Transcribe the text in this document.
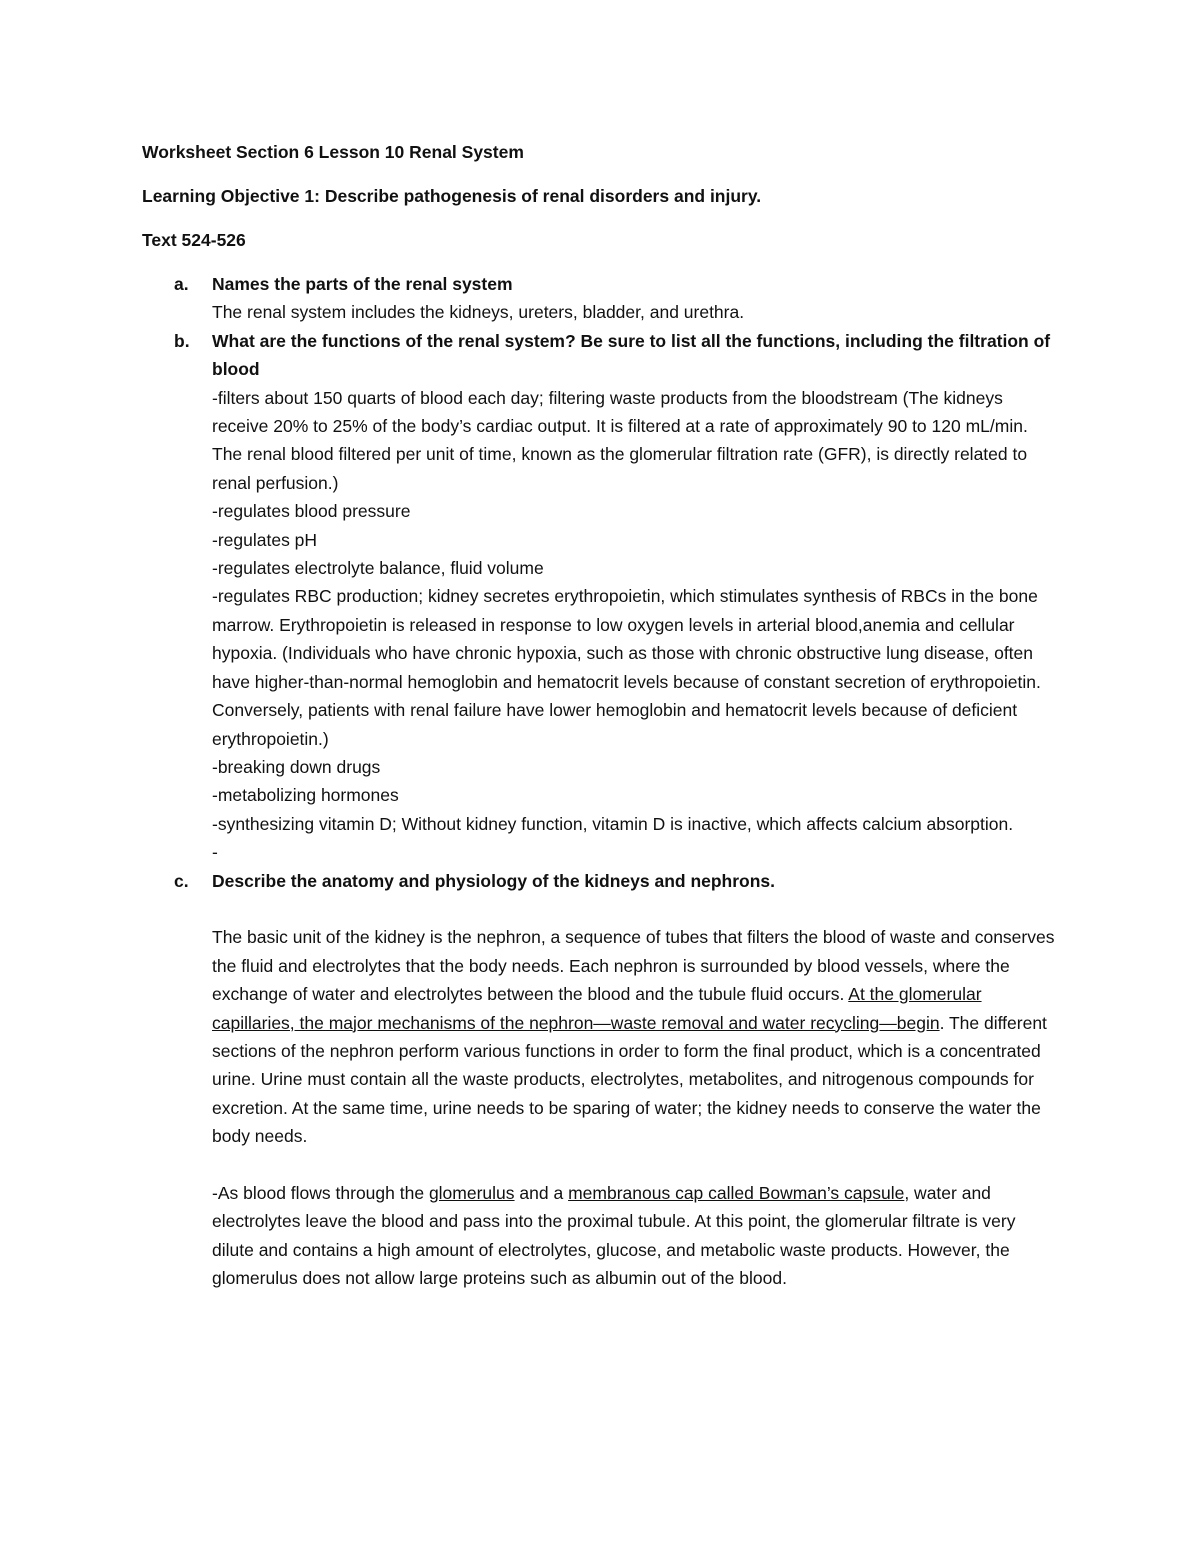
Worksheet Section 6 Lesson 10 Renal System
Learning Objective 1: Describe pathogenesis of renal disorders and injury.
Text 524-526
a. Names the parts of the renal system
The renal system includes the kidneys, ureters, bladder, and urethra.
b. What are the functions of the renal system? Be sure to list all the functions, including the filtration of blood
-filters about 150 quarts of blood each day; filtering waste products from the bloodstream (The kidneys receive 20% to 25% of the body’s cardiac output. It is filtered at a rate of approximately 90 to 120 mL/min. The renal blood filtered per unit of time, known as the glomerular filtration rate (GFR), is directly related to renal perfusion.)
-regulates blood pressure
-regulates pH
-regulates electrolyte balance, fluid volume
-regulates RBC production; kidney secretes erythropoietin, which stimulates synthesis of RBCs in the bone marrow. Erythropoietin is released in response to low oxygen levels in arterial blood,anemia and cellular hypoxia. (Individuals who have chronic hypoxia, such as those with chronic obstructive lung disease, often have higher-than-normal hemoglobin and hematocrit levels because of constant secretion of erythropoietin. Conversely, patients with renal failure have lower hemoglobin and hematocrit levels because of deficient erythropoietin.)
-breaking down drugs
-metabolizing hormones
-synthesizing vitamin D; Without kidney function, vitamin D is inactive, which affects calcium absorption.
-
c. Describe the anatomy and physiology of the kidneys and nephrons.
The basic unit of the kidney is the nephron, a sequence of tubes that filters the blood of waste and conserves the fluid and electrolytes that the body needs. Each nephron is surrounded by blood vessels, where the exchange of water and electrolytes between the blood and the tubule fluid occurs. At the glomerular capillaries, the major mechanisms of the nephron—waste removal and water recycling—begin. The different sections of the nephron perform various functions in order to form the final product, which is a concentrated urine. Urine must contain all the waste products, electrolytes, metabolites, and nitrogenous compounds for excretion. At the same time, urine needs to be sparing of water; the kidney needs to conserve the water the body needs.
-As blood flows through the glomerulus and a membranous cap called Bowman’s capsule, water and electrolytes leave the blood and pass into the proximal tubule. At this point, the glomerular filtrate is very dilute and contains a high amount of electrolytes, glucose, and metabolic waste products. However, the glomerulus does not allow large proteins such as albumin out of the blood.
